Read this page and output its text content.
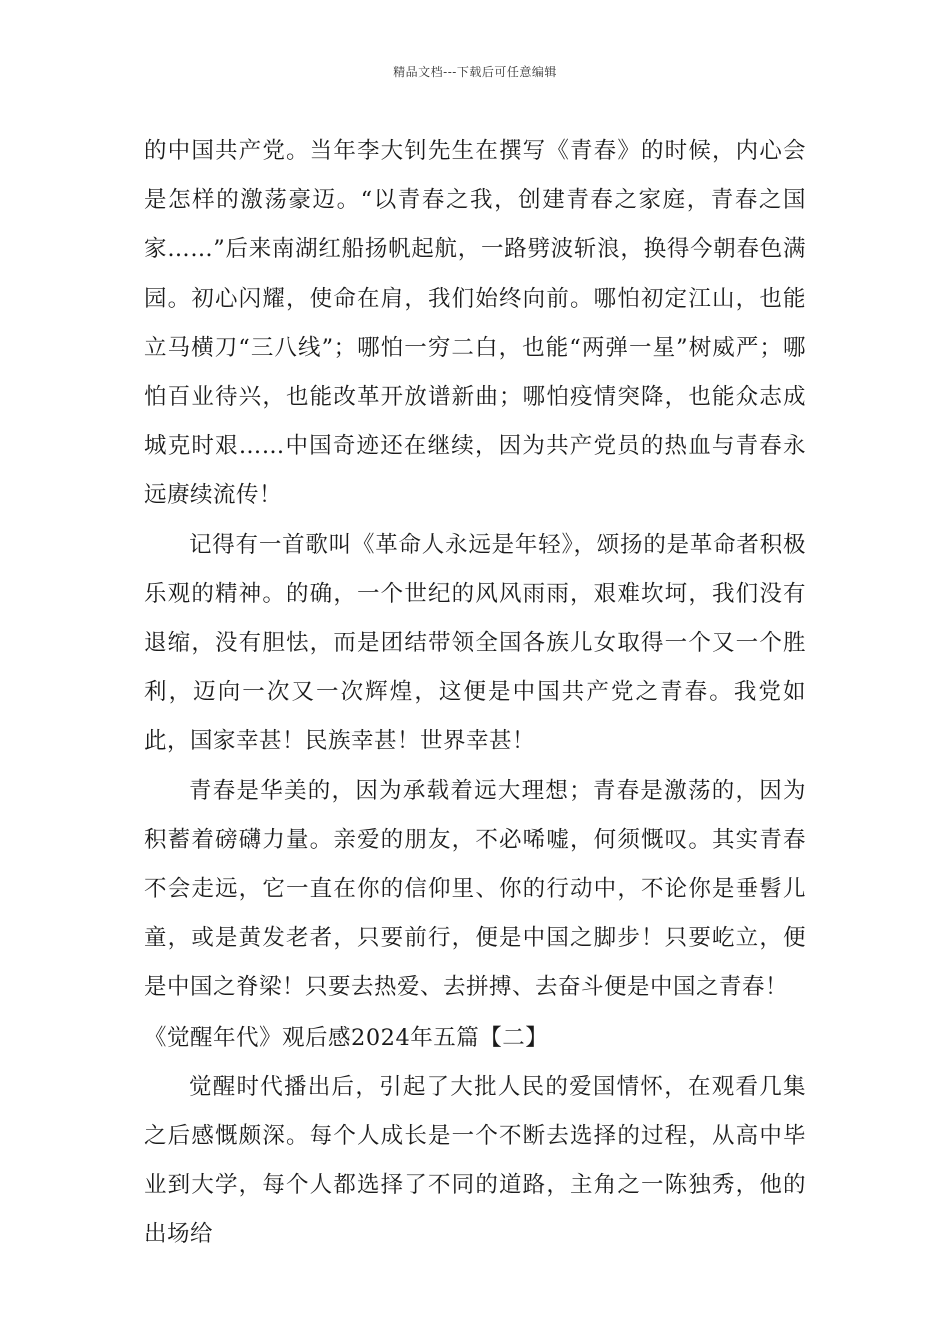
精品文档---下载后可任意编辑

的中国共产党。当年李大钊先生在撰写《青春》的时候，内心会是怎样的激荡豪迈。“以青春之我，创建青春之家庭，青春之国家……”后来南湖红船扬帆起航，一路劈波斩浪，换得今朝春色满园。初心闪耀，使命在肩，我们始终向前。哪怕初定江山，也能立马横刀“三八线”；哪怕一穷二白，也能“两弹一星”树威严；哪怕百业待兴，也能改革开放谱新曲；哪怕疫情突降，也能众志成城克时艰……中国奇迹还在继续，因为共产党员的热血与青春永远赓续流传！

记得有一首歌叫《革命人永远是年轻》，颂扬的是革命者积极乐观的精神。的确，一个世纪的风风雨雨，艰难坎坷，我们没有退缩，没有胆怯，而是团结带领全国各族儿女取得一个又一个胜利，迈向一次又一次辉煌，这便是中国共产党之青春。我党如此，国家幸甚！民族幸甚！世界幸甚！

青春是华美的，因为承载着远大理想；青春是激荡的，因为积蓄着磅礴力量。亲爱的朋友，不必唏嘘，何须慨叹。其实青春不会走远，它一直在你的信仰里、你的行动中，不论你是垂髫儿童，或是黄发老者，只要前行，便是中国之脚步！只要屹立，便是中国之脊梁！只要去热爱、去拼搏、去奋斗便是中国之青春！

《觉醒年代》观后感2024年五篇【二】

觉醒时代播出后，引起了大批人民的爱国情怀，在观看几集之后感慨颇深。每个人成长是一个不断去选择的过程，从高中毕业到大学，每个人都选择了不同的道路，主角之一陈独秀，他的出场给
